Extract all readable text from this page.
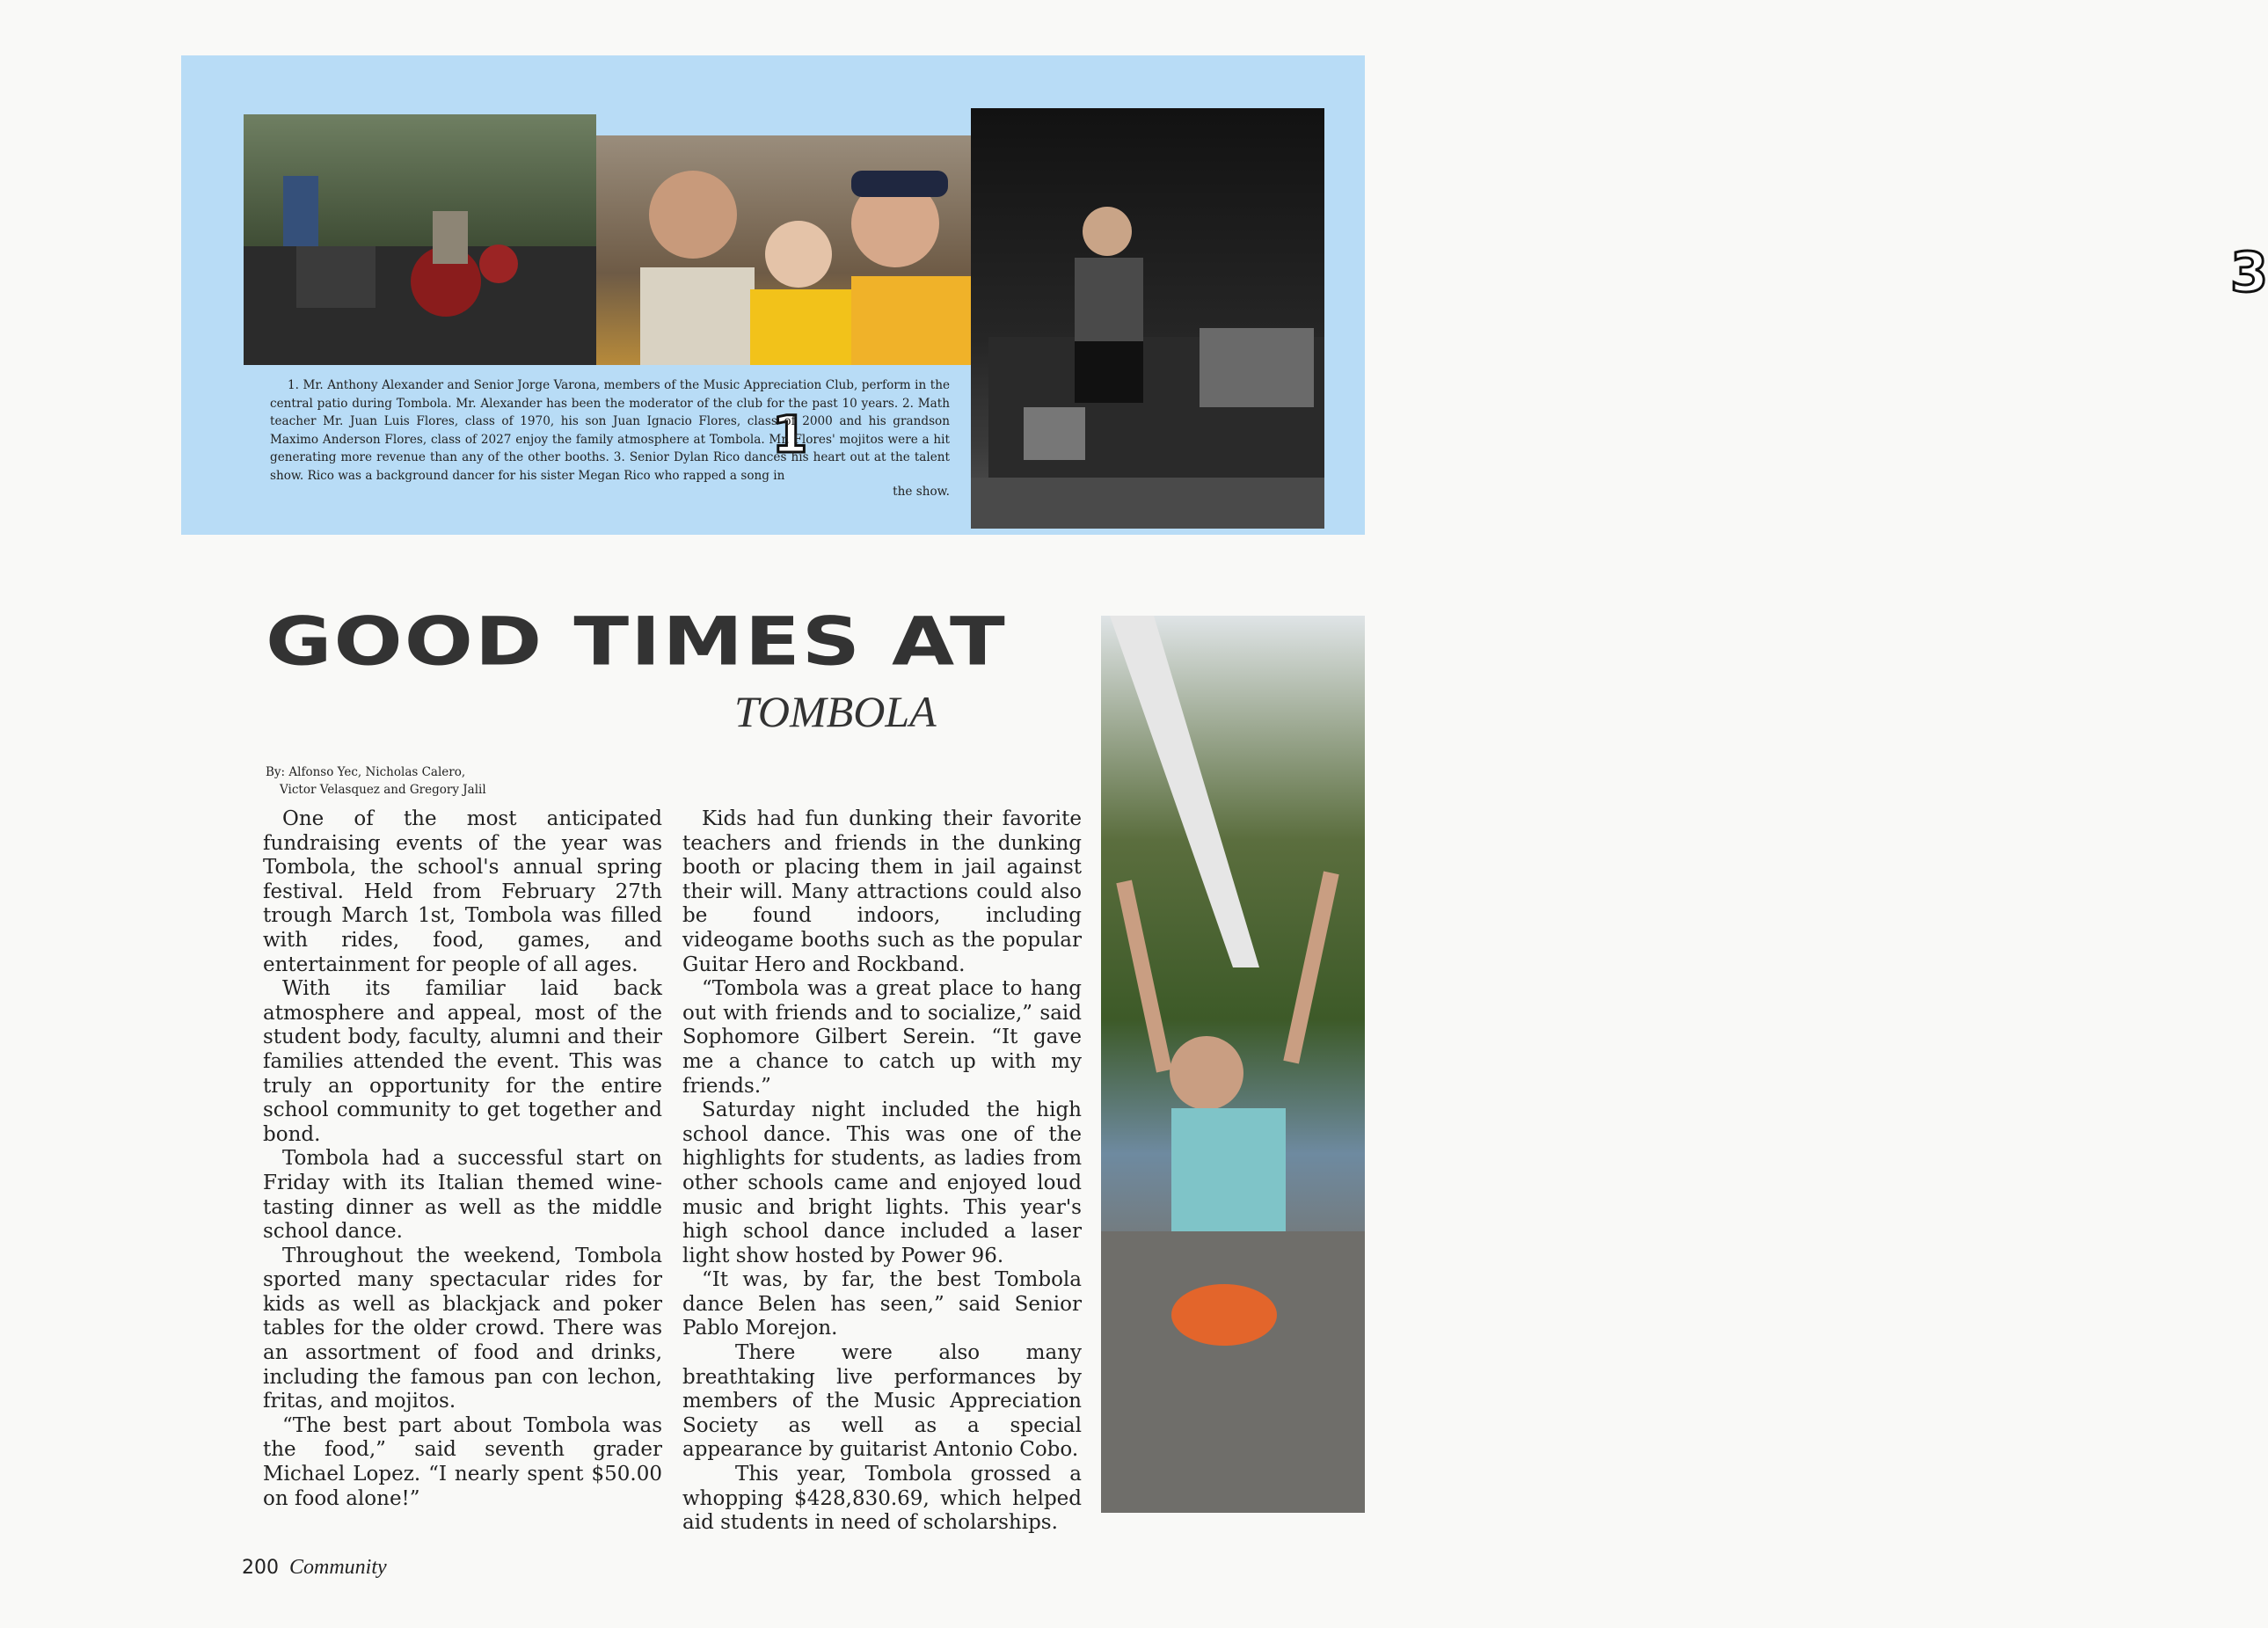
1
3

1. Mr. Anthony Alexander and Senior Jorge Varona, members of the Music Appreciation Club, perform in the central patio during Tombola. Mr. Alexander has been the moderator of the club for the past 10 years. 2. Math teacher Mr. Juan Luis Flores, class of 1970, his son Juan Ignacio Flores, class of 2000 and his grandson Maximo Anderson Flores, class of 2027 enjoy the family atmosphere at Tombola. Mr. Flores' mojitos were a hit generating more revenue than any of the other booths. 3. Senior Dylan Rico dances his heart out at the talent show. Rico was a background dancer for his sister Megan Rico who rapped a song in

the show.

GOOD TIMES AT
TOMBOLA
By: Alfonso Yec, Nicholas Calero,
Victor Velasquez and Gregory Jalil

One of the most anticipated fundraising events of the year was Tombola, the school's annual spring festival. Held from February 27th trough March 1st, Tombola was filled with rides, food, games, and entertainment for people of all ages.

With its familiar laid back atmosphere and appeal, most of the student body, faculty, alumni and their families attended the event. This was truly an opportunity for the entire school community to get together and bond.

Tombola had a successful start on Friday with its Italian themed wine-tasting dinner as well as the middle school dance.

Throughout the weekend, Tombola sported many spectacular rides for kids as well as blackjack and poker tables for the older crowd. There was an assortment of food and drinks, including the famous pan con lechon, fritas, and mojitos.

“The best part about Tombola was the food,” said seventh grader Michael Lopez. “I nearly spent $50.00 on food alone!”

Kids had fun dunking their favorite teachers and friends in the dunking booth or placing them in jail against their will. Many attractions could also be found indoors, including videogame booths such as the popular Guitar Hero and Rockband.

“Tombola was a great place to hang out with friends and to socialize,” said Sophomore Gilbert Serein. “It gave me a chance to catch up with my friends.”

Saturday night included the high school dance. This was one of the highlights for students, as ladies from other schools came and enjoyed loud music and bright lights. This year's high school dance included a laser light show hosted by Power 96.

“It was, by far, the best Tombola dance Belen has seen,” said Senior Pablo Morejon.

There were also many breathtaking live performances by members of the Music Appreciation Society as well as a special appearance by guitarist Antonio Cobo.

This year, Tombola grossed a whopping $428,830.69, which helped aid students in need of scholarships.

200 Community
